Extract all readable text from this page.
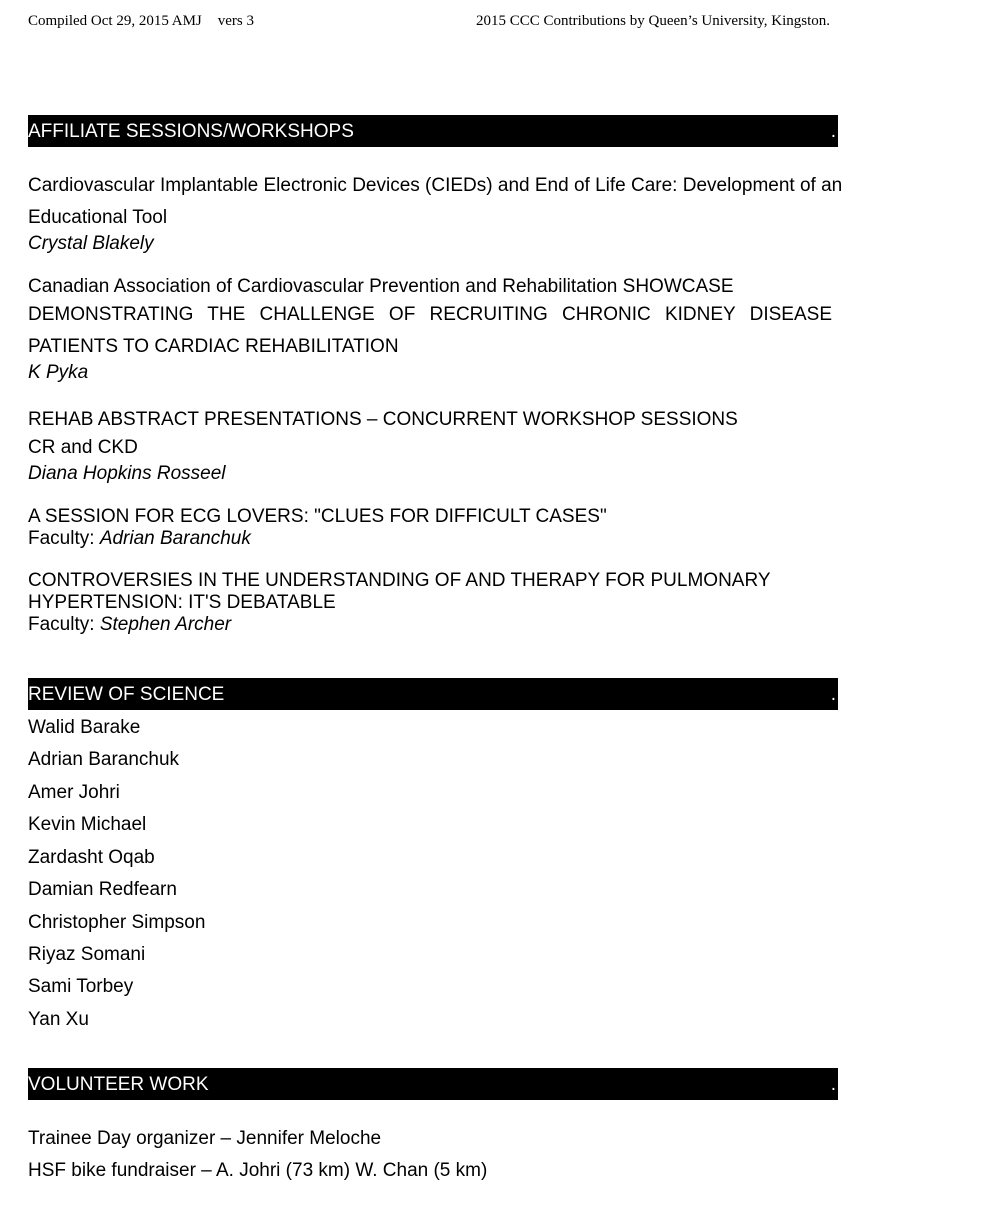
Compiled Oct 29, 2015 AMJ vers 3	2015 CCC Contributions by Queen’s University, Kingston.
AFFILIATE SESSIONS/WORKSHOPS	.
Cardiovascular Implantable Electronic Devices (CIEDs) and End of Life Care: Development of an
Educational Tool
Crystal Blakely
Canadian Association of Cardiovascular Prevention and Rehabilitation SHOWCASE
DEMONSTRATING THE CHALLENGE OF RECRUITING CHRONIC KIDNEY DISEASE
PATIENTS TO CARDIAC REHABILITATION
K Pyka
REHAB ABSTRACT PRESENTATIONS – CONCURRENT WORKSHOP SESSIONS
CR and CKD
Diana Hopkins Rosseel
A SESSION FOR ECG LOVERS: "CLUES FOR DIFFICULT CASES"
Faculty: Adrian Baranchuk
CONTROVERSIES IN THE UNDERSTANDING OF AND THERAPY FOR PULMONARY
HYPERTENSION: IT'S DEBATABLE
Faculty: Stephen Archer
REVIEW OF SCIENCE	.
Walid Barake
Adrian Baranchuk
Amer Johri
Kevin Michael
Zardasht Oqab
Damian Redfearn
Christopher Simpson
Riyaz Somani
Sami Torbey
Yan Xu
VOLUNTEER WORK	.
Trainee Day organizer – Jennifer Meloche
HSF bike fundraiser – A. Johri (73 km) W. Chan (5 km)
